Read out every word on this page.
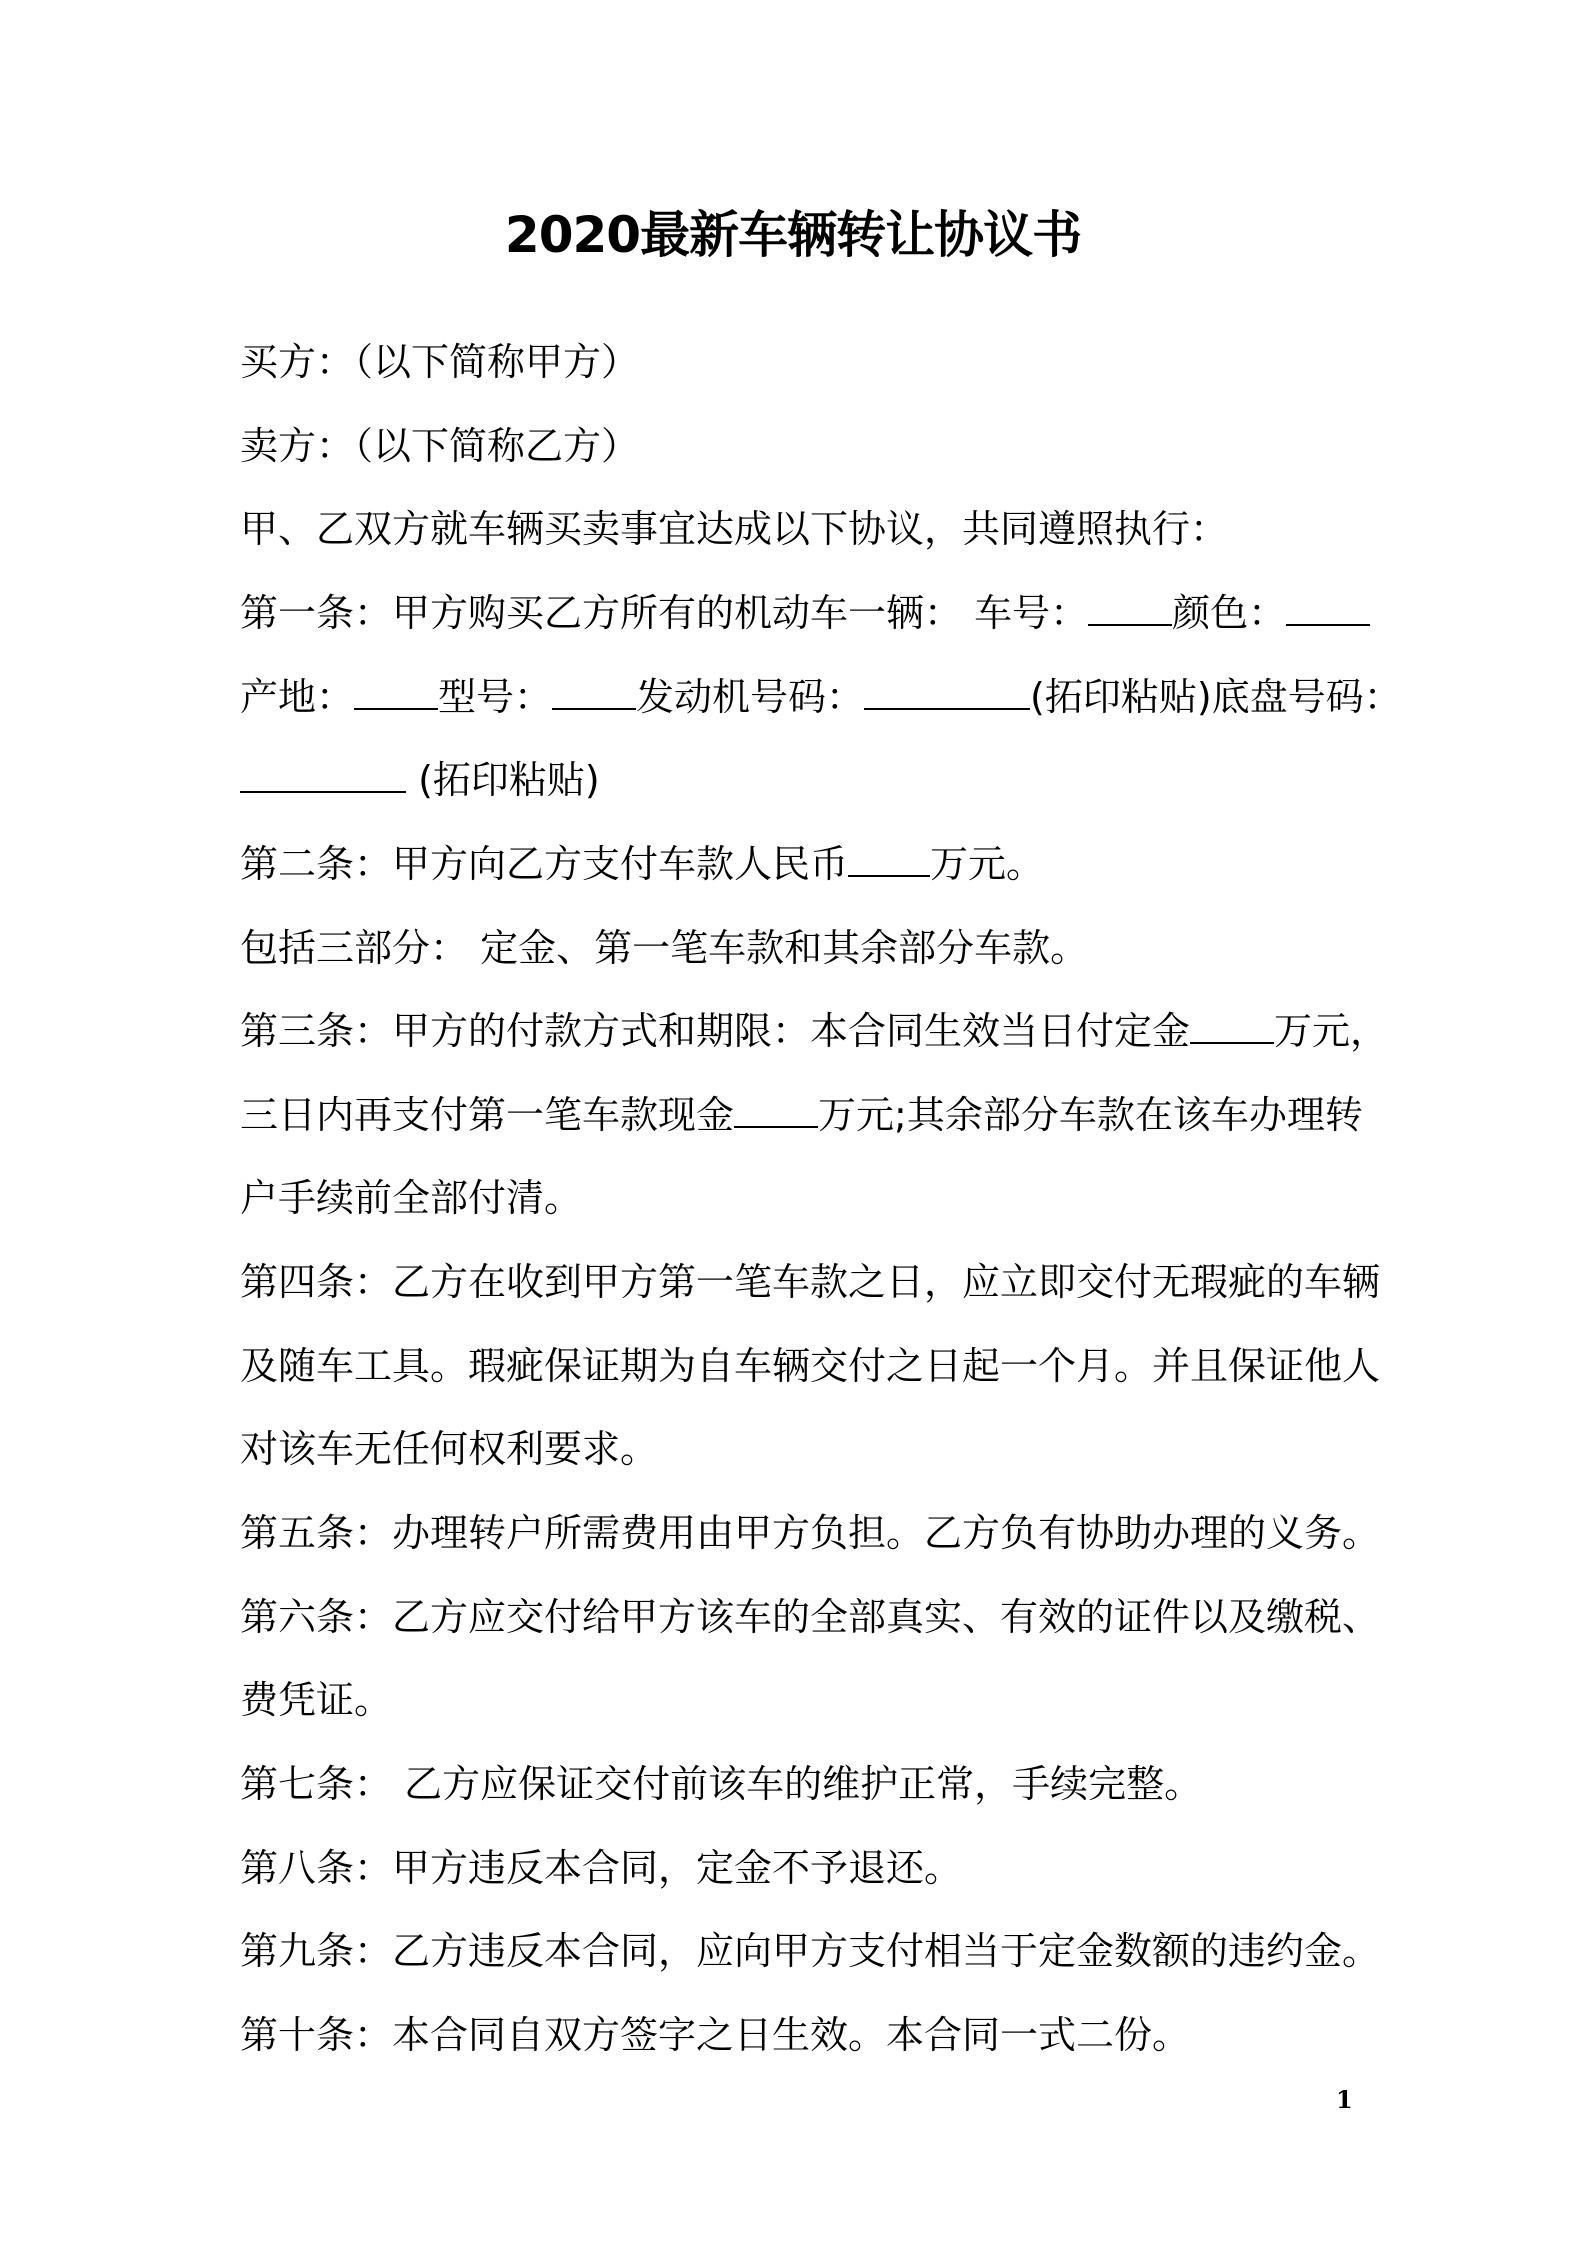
2020最新车辆转让协议书
买方：（以下简称甲方）
卖方：（以下简称乙方）
甲、乙双方就车辆买卖事宜达成以下协议，共同遵照执行：
第一条：甲方购买乙方所有的机动车一辆： 车号： 颜色：
产地： 型号： 发动机号码：	(拓印粘贴)底盘号码：
(拓印粘贴)
第二条：甲方向乙方支付车款人民币 万元。
包括三部分： 定金、第一笔车款和其余部分车款。
第三条：甲方的付款方式和期限：本合同生效当日付定金 万元，
三日内再支付第一笔车款现金 万元;其余部分车款在该车办理转
户手续前全部付清。
第四条：乙方在收到甲方第一笔车款之日，应立即交付无瑕疵的车辆
及随车工具。瑕疵保证期为自车辆交付之日起一个月。并且保证他人
对该车无任何权利要求。
第五条：办理转户所需费用由甲方负担。乙方负有协助办理的义务。
第六条：乙方应交付给甲方该车的全部真实、有效的证件以及缴税、
费凭证。
第七条： 乙方应保证交付前该车的维护正常，手续完整。
第八条：甲方违反本合同，定金不予退还。
第九条：乙方违反本合同，应向甲方支付相当于定金数额的违约金。
第十条：本合同自双方签字之日生效。本合同一式二份。
1
